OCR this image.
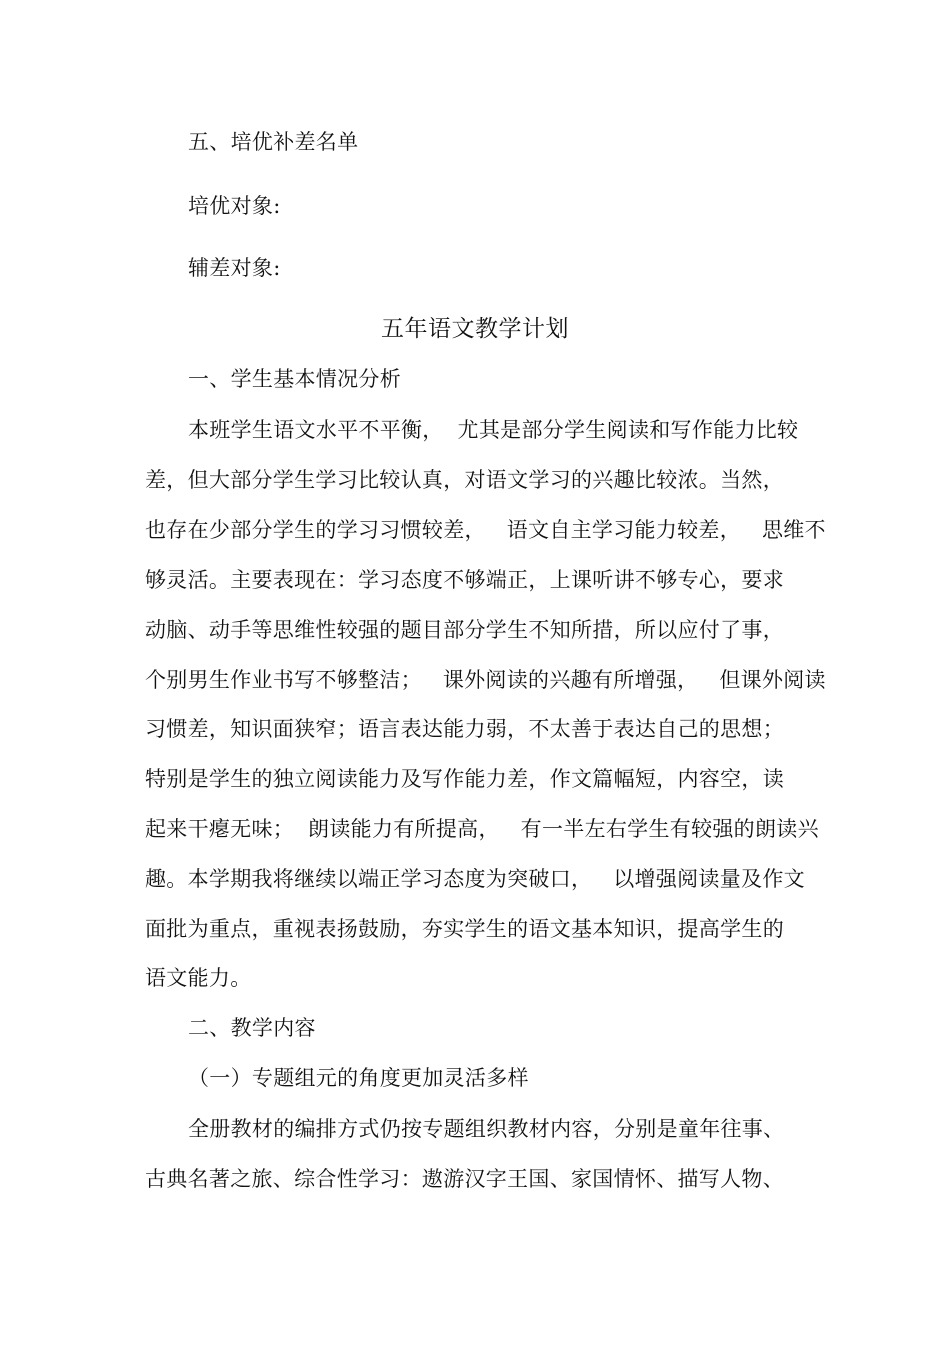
五、培优补差名单
培优对象:
辅差对象:
五年语文教学计划
一、学生基本情况分析
本班学生语文水平不平衡，  尤其是部分学生阅读和写作能力比较
差，但大部分学生学习比较认真，对语文学习的兴趣比较浓。当然，
也存在少部分学生的学习习惯较差，   语文自主学习能力较差，   思维不
够灵活。主要表现在：学习态度不够端正，上课听讲不够专心，要求
动脑、动手等思维性较强的题目部分学生不知所措，所以应付了事，
个别男生作业书写不够整洁；   课外阅读的兴趣有所增强，   但课外阅读
习惯差，知识面狭窄；语言表达能力弱，不太善于表达自己的思想；
特别是学生的独立阅读能力及写作能力差，作文篇幅短，内容空，读
起来干瘪无味；  朗读能力有所提高，   有一半左右学生有较强的朗读兴
趣。本学期我将继续以端正学习态度为突破口，   以增强阅读量及作文
面批为重点，重视表扬鼓励，夯实学生的语文基本知识，提高学生的
语文能力。
二、教学内容
（一）专题组元的角度更加灵活多样
全册教材的编排方式仍按专题组织教材内容，分别是童年往事、
古典名著之旅、综合性学习：遨游汉字王国、家国情怀、描写人物、
